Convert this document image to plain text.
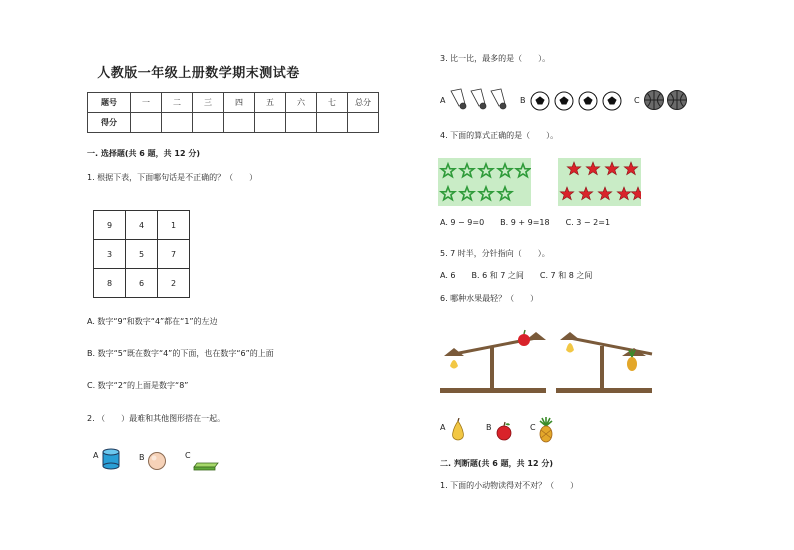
人教版一年级上册数学期末测试卷
题号	一	二	三	四	五	六	七	总分
得分								
一. 选择题(共 6 题，共 12 分)
1. 根据下表，下面哪句话是不正确的？（　　）
9	4	1
3	5	7
8	6	2
A. 数字“9”和数字“4”都在“1”的左边
B. 数字“5”既在数字“4”的下面，也在数字“6”的上面
C. 数字“2”的上面是数字“8”
2. （　　）最难和其他图形搭在一起。
A	B	C
3. 比一比，最多的是（　　）。
A	B	C
4. 下面的算式正确的是（　　）。
A. 9 − 9=0　　B. 9 + 9=18　　C. 3 − 2=1
5. 7 时半，分针指向（　　）。
A. 6　　B. 6 和 7 之间　　C. 7 和 8 之间
6. 哪种水果最轻？（　　）
A	B	C
二. 判断题(共 6 题，共 12 分)
1. 下面的小动物读得对不对？（　　）
